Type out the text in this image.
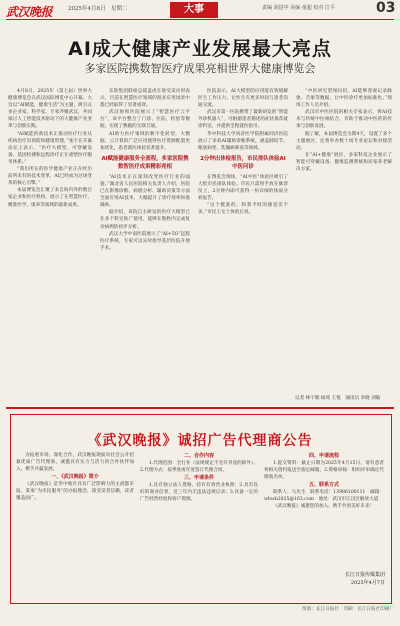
武汉晚报	2025年4月8日　星期二	大事	责编 胡进中 美编 童超 校对 江平	03
AI成大健康产业发展最大亮点
多家医院携数智医疗成果亮相世界大健康博览会

4月8日，2025年（第七届）世界大健康博览会在武汉国际博览中心开幕。大会以“AI赋能，健康生活”为主题，吸引众多企业家、科学家、专家齐聚武汉，共同探讨人工智能技术驱动下的大健康产业变革与创新实践。

“AI赋能的新技术正推动医疗行业从疾病治疗向预防和健康管理，”张宇在开幕论坛上表示，“医疗大模型、可穿戴设备、基因检测和远程诊疗正在重塑医疗服务体系。”

“我们所在的医学健康产业正在经历前所未有的技术变革，AI已经成为这场变革的核心引擎。”

本届博览会汇聚了来自海内外的数百家企业和医疗机构，展示了在智慧医疗、精准医学、康养等领域的最新成果。

东软集团联席总裁盖虎在接受采访时表示，目前在智慧医疗领域的很多应用场景中都已经取得了显著成效。

武汉协和医院展示了“智慧医疗云平台”，该平台整合了门诊、住院、检验等数据，实现了数据的互联互通。

AI助力医疗领域的数字化转型，大数据、云计算的广泛应用使得医疗资源配置更加优化，患者就医体验显著提升。

AI赋能健康服务全流程，多家医院携数智医疗成果精彩亮相

“AI技术正在深刻改变医疗行业的面貌。”湖北省人民医院相关负责人介绍，医院已在影像诊断、病理分析、辅助决策等方面全面应用AI技术，大幅提升了诊疗效率和准确率。

据介绍，该院自主研发的医疗大模型已在多个科室推广使用，能够在数秒内完成复杂病例的初步分析。

武汉大学中南医院展示了“AI+5G”远程医疗系统，专家可以实时指导基层医院开展手术。

医院表示，AI大模型的应用能有效缓解医生工作压力，让医生有更多时间与患者沟通交流。

武汉市第一医院携带了最新研发的“智能导诊机器人”，可根据患者描述的症状推荐就诊科室，并提供全程就医指引。

华中科技大学同济医学院附属同济医院展示了多款AI辅助诊断系统，涵盖肺结节、眼底病变、乳腺癌筛查等领域。

2分钟出体检报告，市民排队体验AI中医问诊

在博览会现场，“AI中医”体验区吸引了大批市民排队体验。市民只需将手放在脉诊仪上，2分钟内即可获得一份详细的体质分析报告。

“这个挺准的，和我平时的感觉差不多。”市民王女士体验后说。

“中医讲究望闻问切，AI能够客观记录脉象、舌象等数据，让中医诊疗更加标准化。”现场工作人员介绍。

武汉市中医医院的相关专家表示，将AI技术与传统中医相结合，有助于推动中医药的传承与创新发展。

据了解，本届博览会为期4天，设置了多个主题展区，还将举办数十场专业论坛和对接活动。

在“AI+健康”展区，多家科技企业展示了智能可穿戴设备、健康监测系统和居家养老解决方案。

记者 林宇歌 杨琦 王悦　通讯员 李晓 刘敏
《武汉晚报》诚招广告代理商公告

为拓展市场，深化合作，武汉晚报现面向社会公开招募优质广告代理商，诚邀具有实力与活力的合作伙伴加入，携手共赢发展。

一、《武汉晚报》简介

《武汉晚报》是华中地区具有广泛影响力的主流都市报，秉承“为市民服务”的办报理念，深受读者信赖，读者覆盖面广。

二、合作内容

1.代理范围：全行业（法规规定不允许刊登的除外）。2.代理方式：按季度或年度签订代理合同。

三、申请条件

1.具有独立法人资格，持有有效营业执照；2.具有良好的商业信誉，近三年内无违法违规记录；3.具备一定的广告经营经验和客户资源。

四、申请流程

1.提交资料：截止日期为2025年4月15日，请有意者将相关资料报送至指定邮箱。2.资格审核：组织评审确定代理商名单。

五、联系方式

联系人：马先生　联系电话：13986100111　邮箱：whwb2025@163.com　地址：武汉市江汉区解放大道

《武汉晚报》诚邀您的加入，携手共创美好未来！

长江日报传媒集团
2025年4月7日
组版：长江日报社　印刷：长江日报社印刷厂
